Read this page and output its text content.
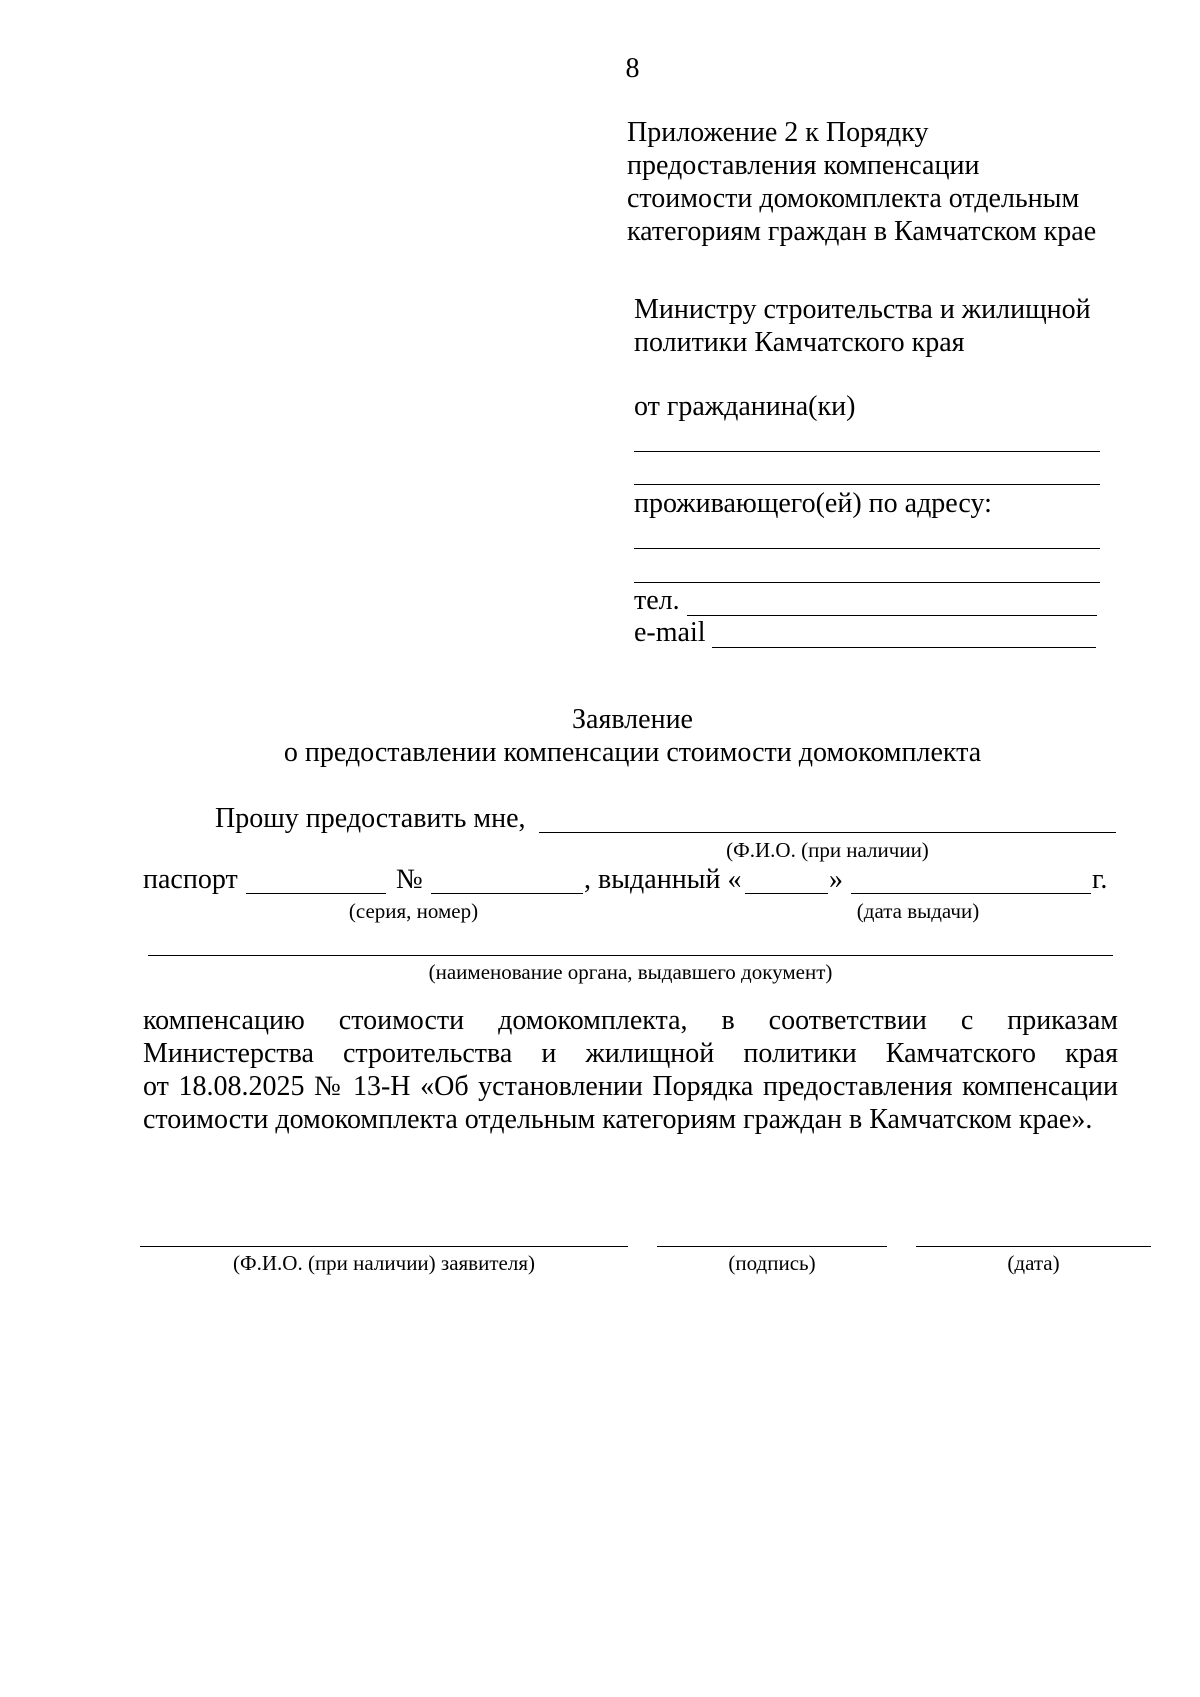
8
Приложение 2 к Порядку
предоставления компенсации
стоимости домокомплекта отдельным
категориям граждан в Камчатском крае
Министру строительства и жилищной
политики Камчатского края
от гражданина(ки)
проживающего(ей) по адресу:
тел.
e-mail
Заявление
о предоставлении компенсации стоимости домокомплекта
Прошу предоставить мне,
(Ф.И.О. (при наличии)
паспорт	№	, выданный «	»	г.
(серия, номер)	(дата выдачи)
(наименование органа, выдавшего документ)
компенсацию стоимости домокомплекта, в соответствии с приказам
Министерства строительства и жилищной политики Камчатского края
от 18.08.2025 № 13-Н «Об установлении Порядка предоставления компенсации
стоимости домокомплекта отдельным категориям граждан в Камчатском крае».
(Ф.И.О. (при наличии) заявителя)	(подпись)	(дата)
